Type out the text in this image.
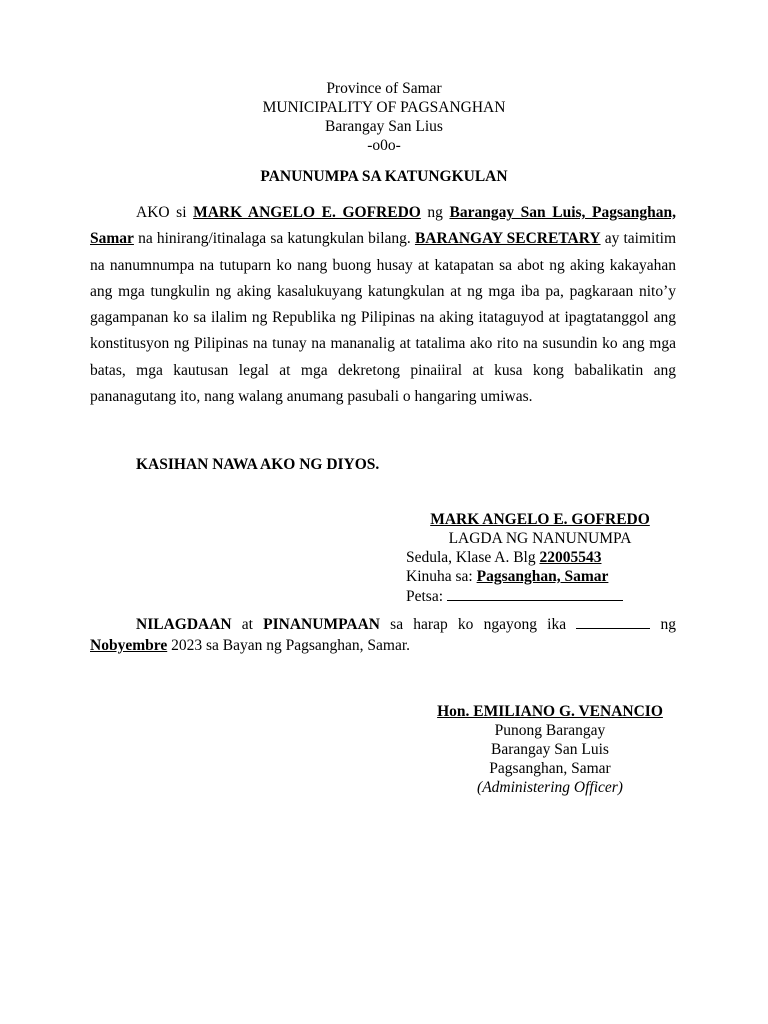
Province of Samar
MUNICIPALITY OF PAGSANGHAN
Barangay San Lius
-o0o-
PANUNUMPA SA KATUNGKULAN
AKO si MARK ANGELO E. GOFREDO ng Barangay San Luis, Pagsanghan, Samar na hinirang/itinalaga sa katungkulan bilang. BARANGAY SECRETARY ay taimitim na nanumnumpa na tutuparn ko nang buong husay at katapatan sa abot ng aking kakayahan ang mga tungkulin ng aking kasalukuyang katungkulan at ng mga iba pa, pagkaraan nito’y gagampanan ko sa ilalim ng Republika ng Pilipinas na aking itataguyod at ipagtatanggol ang konstitusyon ng Pilipinas na tunay na mananalig at tatalima ako rito na susundin ko ang mga batas, mga kautusan legal at mga dekretong pinaiiral at kusa kong babalikatin ang pananagutang ito, nang walang anumang pasubali o hangaring umiwas.
KASIHAN NAWA AKO NG DIYOS.
MARK ANGELO E. GOFREDO
LAGDA NG NANUNUMPA
Sedula, Klase A. Blg 22005543
Kinuha sa: Pagsanghan, Samar
Petsa:
NILAGDAAN at PINANUMPAAN sa harap ko ngayong ika	ng Nobyembre 2023 sa Bayan ng Pagsanghan, Samar.
Hon. EMILIANO G. VENANCIO
Punong Barangay
Barangay San Luis
Pagsanghan, Samar
(Administering Officer)
